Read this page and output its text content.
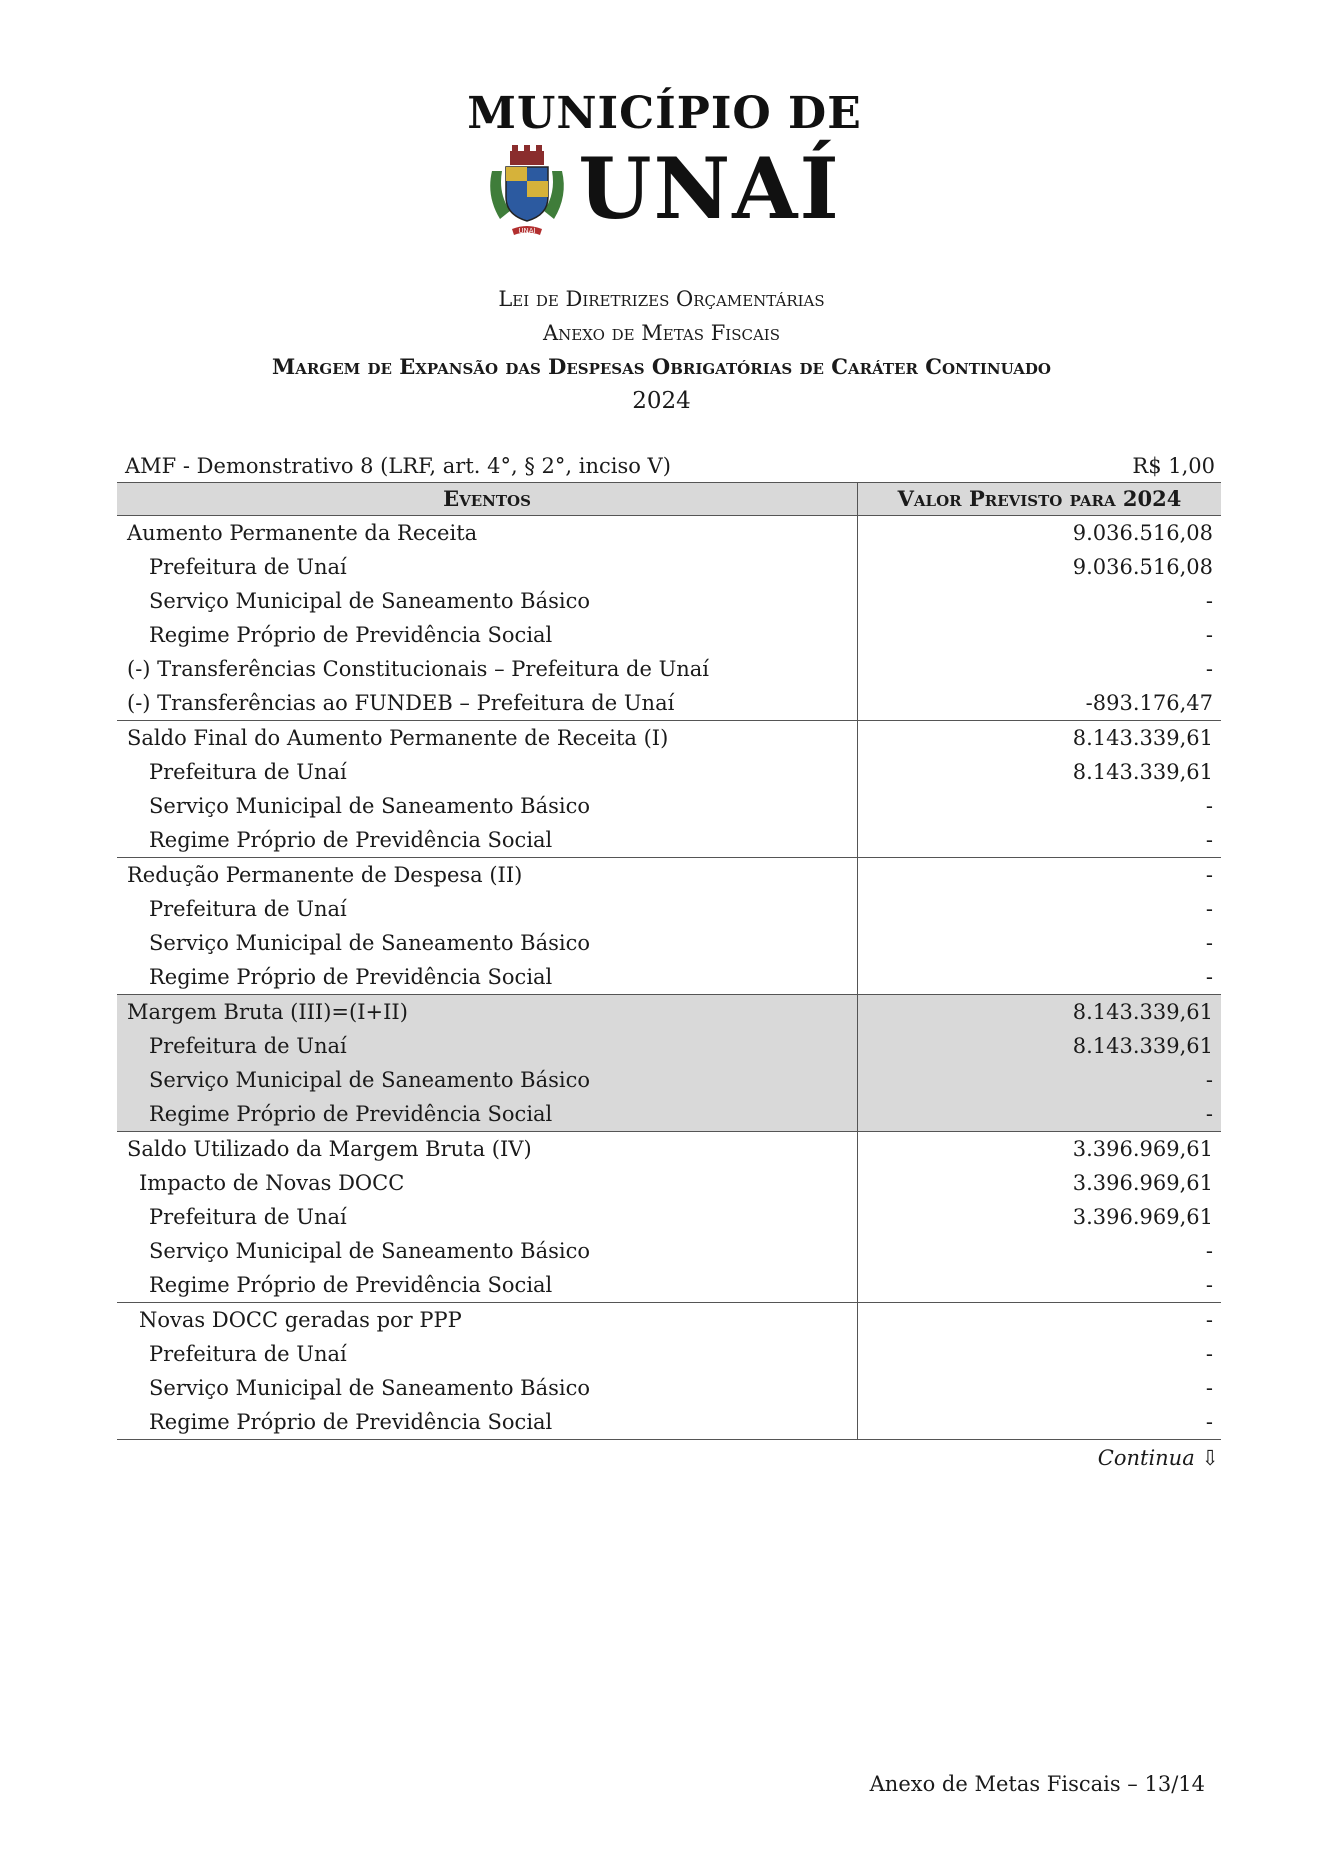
MUNICÍPIO DE
UNAÍ UNAÍ
Lei de Diretrizes Orçamentárias
Anexo de Metas Fiscais
Margem de Expansão das Despesas Obrigatórias de Caráter Continuado
2024
AMF - Demonstrativo 8 (LRF, art. 4°, § 2°, inciso V)	R$ 1,00
Eventos	Valor Previsto para 2024
Aumento Permanente da Receita	9.036.516,08
Prefeitura de Unaí	9.036.516,08
Serviço Municipal de Saneamento Básico	-
Regime Próprio de Previdência Social	-
(-) Transferências Constitucionais – Prefeitura de Unaí	-
(-) Transferências ao FUNDEB – Prefeitura de Unaí	-893.176,47
Saldo Final do Aumento Permanente de Receita (I)	8.143.339,61
Prefeitura de Unaí	8.143.339,61
Serviço Municipal de Saneamento Básico	-
Regime Próprio de Previdência Social	-
Redução Permanente de Despesa (II)	-
Prefeitura de Unaí	-
Serviço Municipal de Saneamento Básico	-
Regime Próprio de Previdência Social	-
Margem Bruta (III)=(I+II)	8.143.339,61
Prefeitura de Unaí	8.143.339,61
Serviço Municipal de Saneamento Básico	-
Regime Próprio de Previdência Social	-
Saldo Utilizado da Margem Bruta (IV)	3.396.969,61
Impacto de Novas DOCC	3.396.969,61
Prefeitura de Unaí	3.396.969,61
Serviço Municipal de Saneamento Básico	-
Regime Próprio de Previdência Social	-
Novas DOCC geradas por PPP	-
Prefeitura de Unaí	-
Serviço Municipal de Saneamento Básico	-
Regime Próprio de Previdência Social	-
Continua ⇩
Anexo de Metas Fiscais – 13/14
